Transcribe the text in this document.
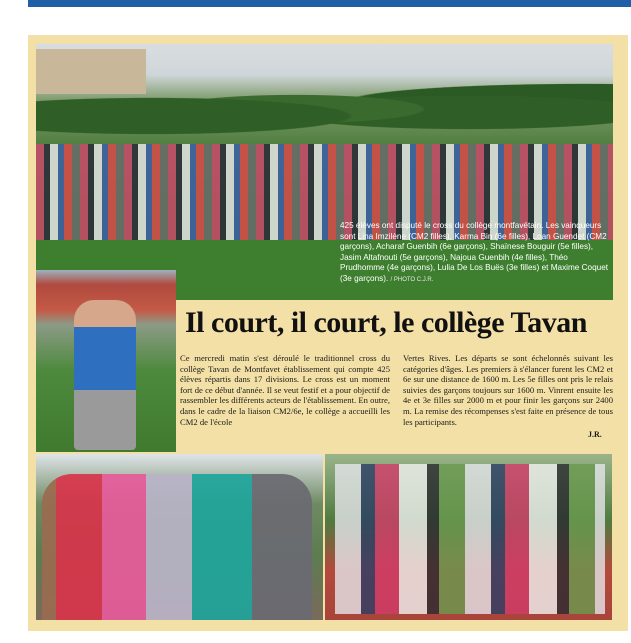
425 élèves ont disputé le cross du collège montfavétain. Les vainqueurs sont Lina Imzilène (CM2 filles), Karma Bin (6e filles), Loan Guendet (CM2 garçons), Acharaf Guenbih (6e garçons), Shaïnese Bouguir (5e filles), Jasim Altafnouti (5e garçons), Najoua Guenbih (4e filles), Théo Prudhomme (4e garçons), Lulia De Los Buës (3e filles) et Maxime Coquet (3e garçons). / PHOTO C.J.R.
Il court, il court, le collège Tavan
Ce mercredi matin s'est déroulé le traditionnel cross du collège Tavan de Montfavet établissement qui compte 425 élèves répartis dans 17 divisions. Le cross est un moment fort de ce début d'année. Il se veut festif et a pour objectif de rassembler les différents acteurs de l'établissement. En outre, dans le cadre de la liaison CM2/6e, le collège a accueilli les CM2 de l'école
Vertes Rives. Les départs se sont échelonnés suivant les catégories d'âges. Les premiers à s'élancer furent les CM2 et 6e sur une distance de 1600 m. Les 5e filles ont pris le relais suivies des garçons toujours sur 1600 m. Vinrent ensuite les 4e et 3e filles sur 2000 m et pour finir les garçons sur 2400 m. La remise des récompenses s'est faite en présence de tous les participants.
J.R.
